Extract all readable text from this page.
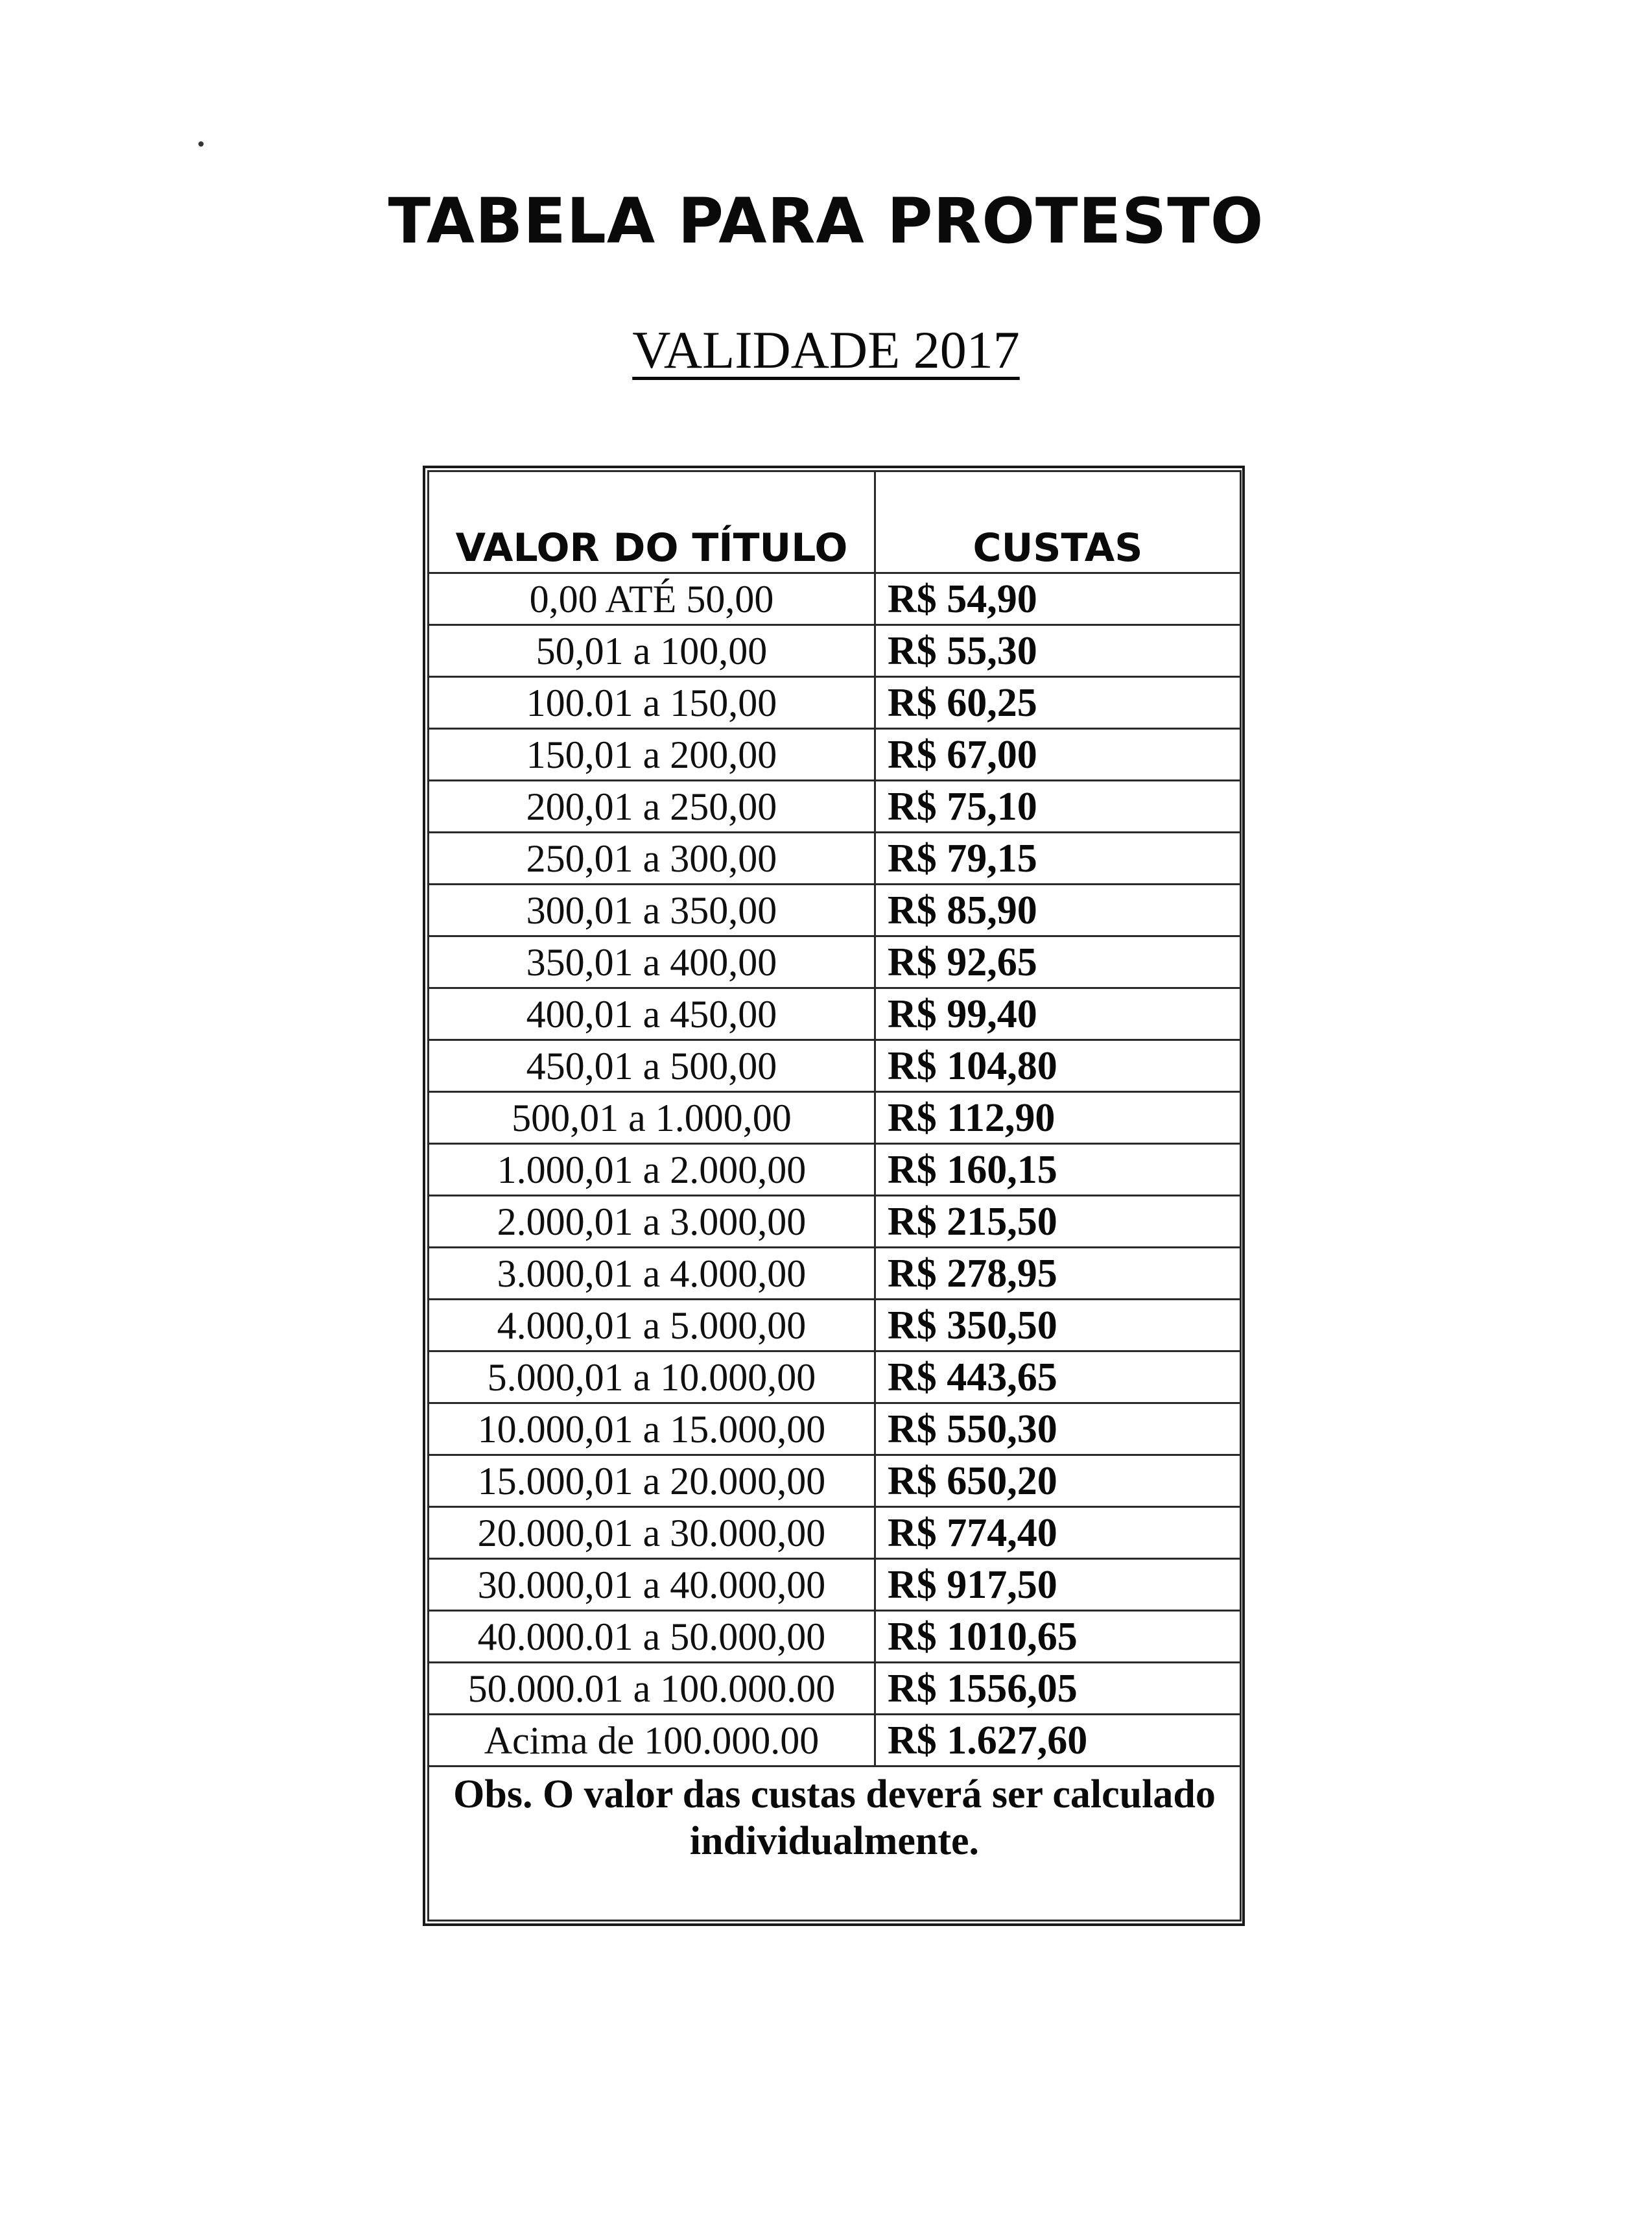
TABELA PARA PROTESTO
VALIDADE 2017
VALOR DO TÍTULO	CUSTAS
0,00 ATÉ 50,00	R$ 54,90
50,01 a 100,00	R$ 55,30
100.01 a 150,00	R$ 60,25
150,01 a 200,00	R$ 67,00
200,01 a 250,00	R$ 75,10
250,01 a 300,00	R$ 79,15
300,01 a 350,00	R$ 85,90
350,01 a 400,00	R$ 92,65
400,01 a 450,00	R$ 99,40
450,01 a 500,00	R$ 104,80
500,01 a 1.000,00	R$ 112,90
1.000,01 a 2.000,00	R$ 160,15
2.000,01 a 3.000,00	R$ 215,50
3.000,01 a 4.000,00	R$ 278,95
4.000,01 a 5.000,00	R$ 350,50
5.000,01 a 10.000,00	R$ 443,65
10.000,01 a 15.000,00	R$ 550,30
15.000,01 a 20.000,00	R$ 650,20
20.000,01 a 30.000,00	R$ 774,40
30.000,01 a 40.000,00	R$ 917,50
40.000.01 a 50.000,00	R$ 1010,65
50.000.01 a 100.000.00	R$ 1556,05
Acima de 100.000.00	R$ 1.627,60
Obs. O valor das custas deverá ser calculado individualmente.	
